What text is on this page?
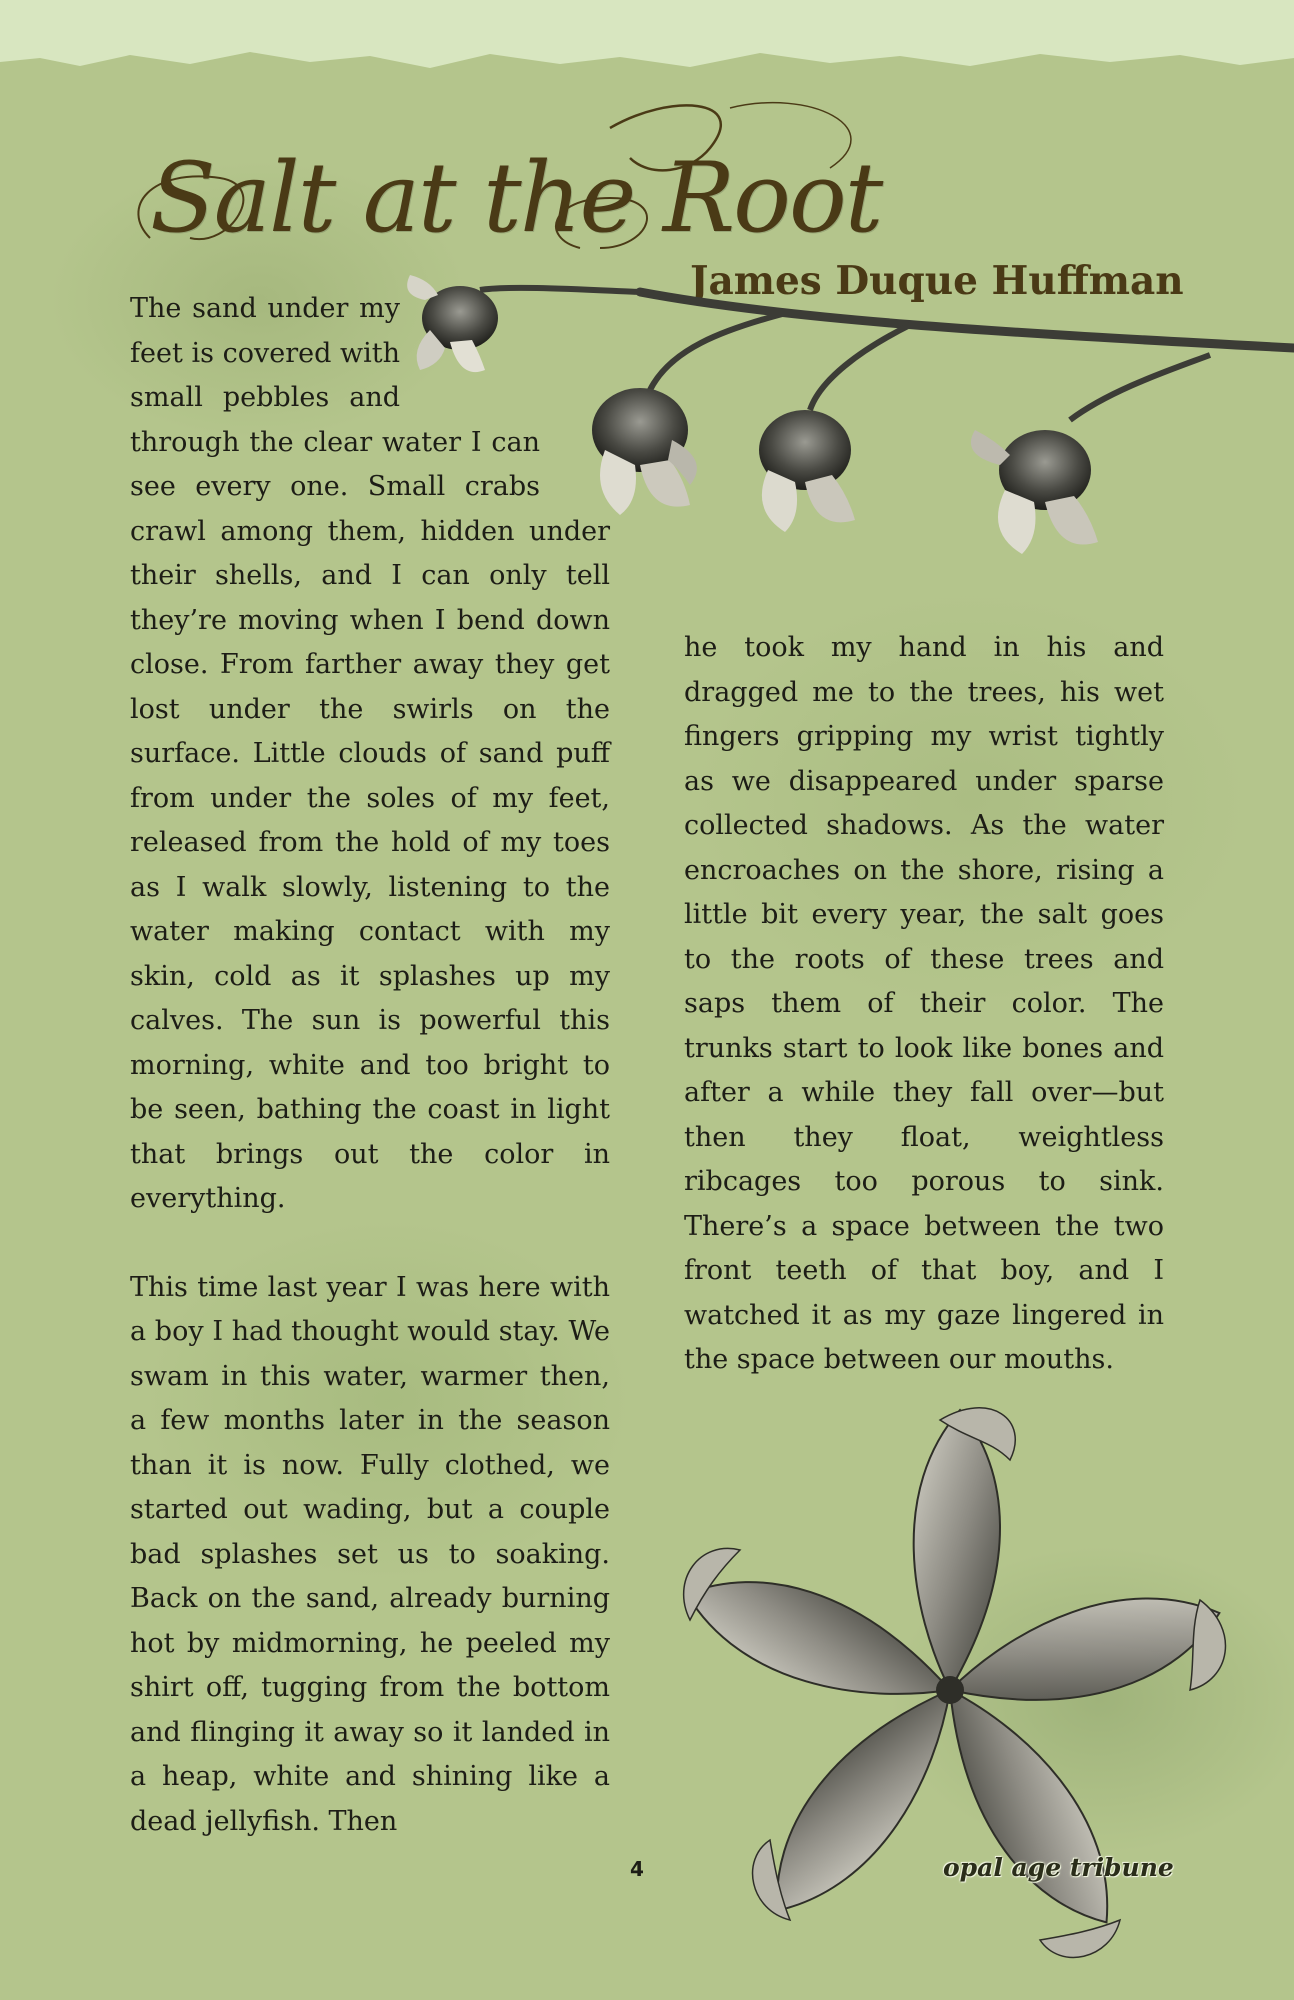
Salt at the Root
James Duque Huffman

The sand under my feet is covered with small pebbles and through the clear water I can see every one. Small crabs crawl among them, hidden under their shells, and I can only tell they’re moving when I bend down close. From farther away they get lost under the swirls on the surface. Little clouds of sand puff from under the soles of my feet, released from the hold of my toes as I walk slowly, listening to the water making contact with my skin, cold as it splashes up my calves. The sun is powerful this morning, white and too bright to be seen, bathing the coast in light that brings out the color in everything.

This time last year I was here with a boy I had thought would stay. We swam in this water, warmer then, a few months later in the season than it is now. Fully clothed, we started out wading, but a couple bad splashes set us to soaking. Back on the sand, already burning hot by midmorning, he peeled my shirt off, tugging from the bottom and flinging it away so it landed in a heap, white and shining like a dead jellyfish. Then

he took my hand in his and dragged me to the trees, his wet fingers gripping my wrist tightly as we disappeared under sparse collected shadows. As the water encroaches on the shore, rising a little bit every year, the salt goes to the roots of these trees and saps them of their color. The trunks start to look like bones and after a while they fall over—but then they float, weightless ribcages too porous to sink. There’s a space between the two front teeth of that boy, and I watched it as my gaze lingered in the space between our mouths.

4	opal age tribune
